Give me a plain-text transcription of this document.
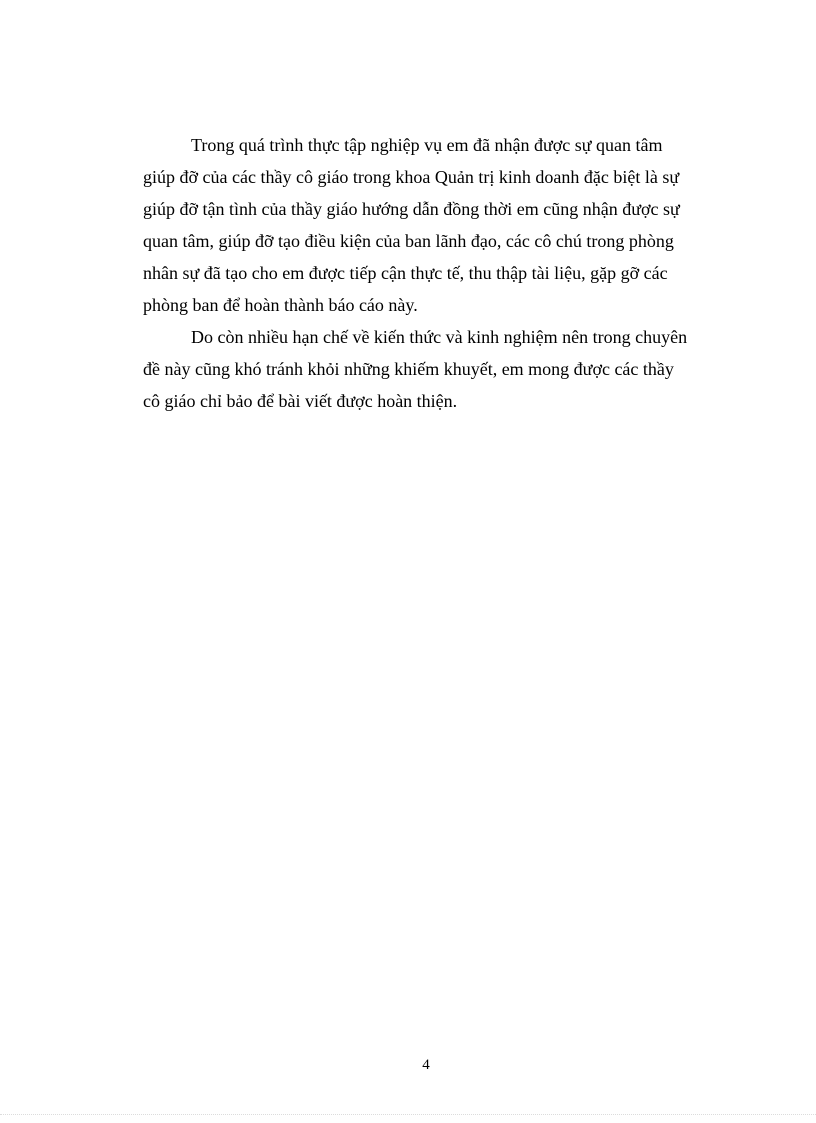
Trong quá trình thực tập nghiệp vụ em đã nhận được sự quan tâm
giúp đỡ của các thầy cô giáo trong khoa Quản trị kinh doanh đặc biệt là sự
giúp đỡ tận tình của thầy giáo hướng dẫn đồng thời em cũng nhận được sự
quan tâm, giúp đỡ tạo điều kiện của ban lãnh đạo, các cô chú trong phòng
nhân sự đã tạo cho em được tiếp cận thực tế, thu thập tài liệu, gặp gỡ các
phòng ban để hoàn thành báo cáo này.
Do còn nhiều hạn chế về kiến thức và kinh nghiệm nên trong chuyên
đề này cũng khó tránh khỏi những khiếm khuyết, em mong được các thầy
cô giáo chỉ bảo để bài viết được hoàn thiện.
4
